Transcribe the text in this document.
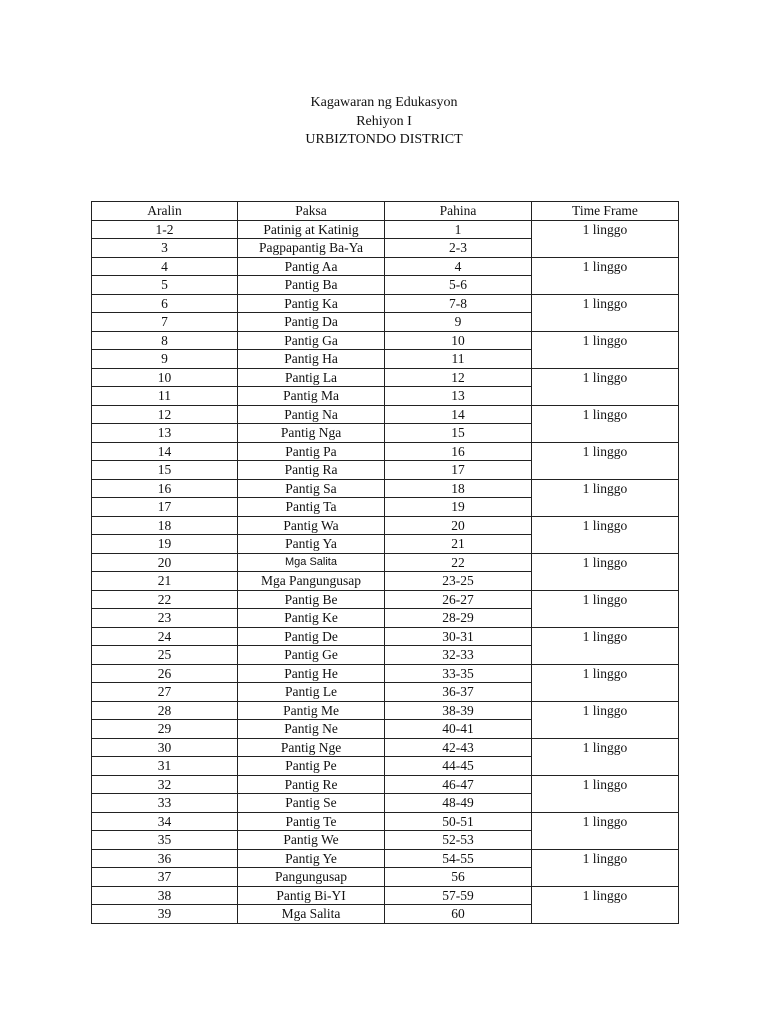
Kagawaran ng Edukasyon
Rehiyon I
URBIZTONDO DISTRICT
Aralin	Paksa	Pahina	Time Frame
1-2	Patinig at Katinig	1	1 linggo
3	Pagpapantig Ba-Ya	2-3	
4	Pantig Aa	4	1 linggo
5	Pantig Ba	5-6	
6	Pantig Ka	7-8	1 linggo
7	Pantig Da	9	
8	Pantig Ga	10	1 linggo
9	Pantig Ha	11	
10	Pantig La	12	1 linggo
11	Pantig Ma	13	
12	Pantig Na	14	1 linggo
13	Pantig Nga	15	
14	Pantig Pa	16	1 linggo
15	Pantig Ra	17	
16	Pantig Sa	18	1 linggo
17	Pantig Ta	19	
18	Pantig Wa	20	1 linggo
19	Pantig Ya	21	
20	Mga Salita	22	1 linggo
21	Mga Pangungusap	23-25	
22	Pantig Be	26-27	1 linggo
23	Pantig Ke	28-29	
24	Pantig De	30-31	1 linggo
25	Pantig Ge	32-33	
26	Pantig He	33-35	1 linggo
27	Pantig Le	36-37	
28	Pantig Me	38-39	1 linggo
29	Pantig Ne	40-41	
30	Pantig Nge	42-43	1 linggo
31	Pantig Pe	44-45	
32	Pantig Re	46-47	1 linggo
33	Pantig Se	48-49	
34	Pantig Te	50-51	1 linggo
35	Pantig We	52-53	
36	Pantig Ye	54-55	1 linggo
37	Pangungusap	56	
38	Pantig Bi-YI	57-59	1 linggo
39	Mga Salita	60	
